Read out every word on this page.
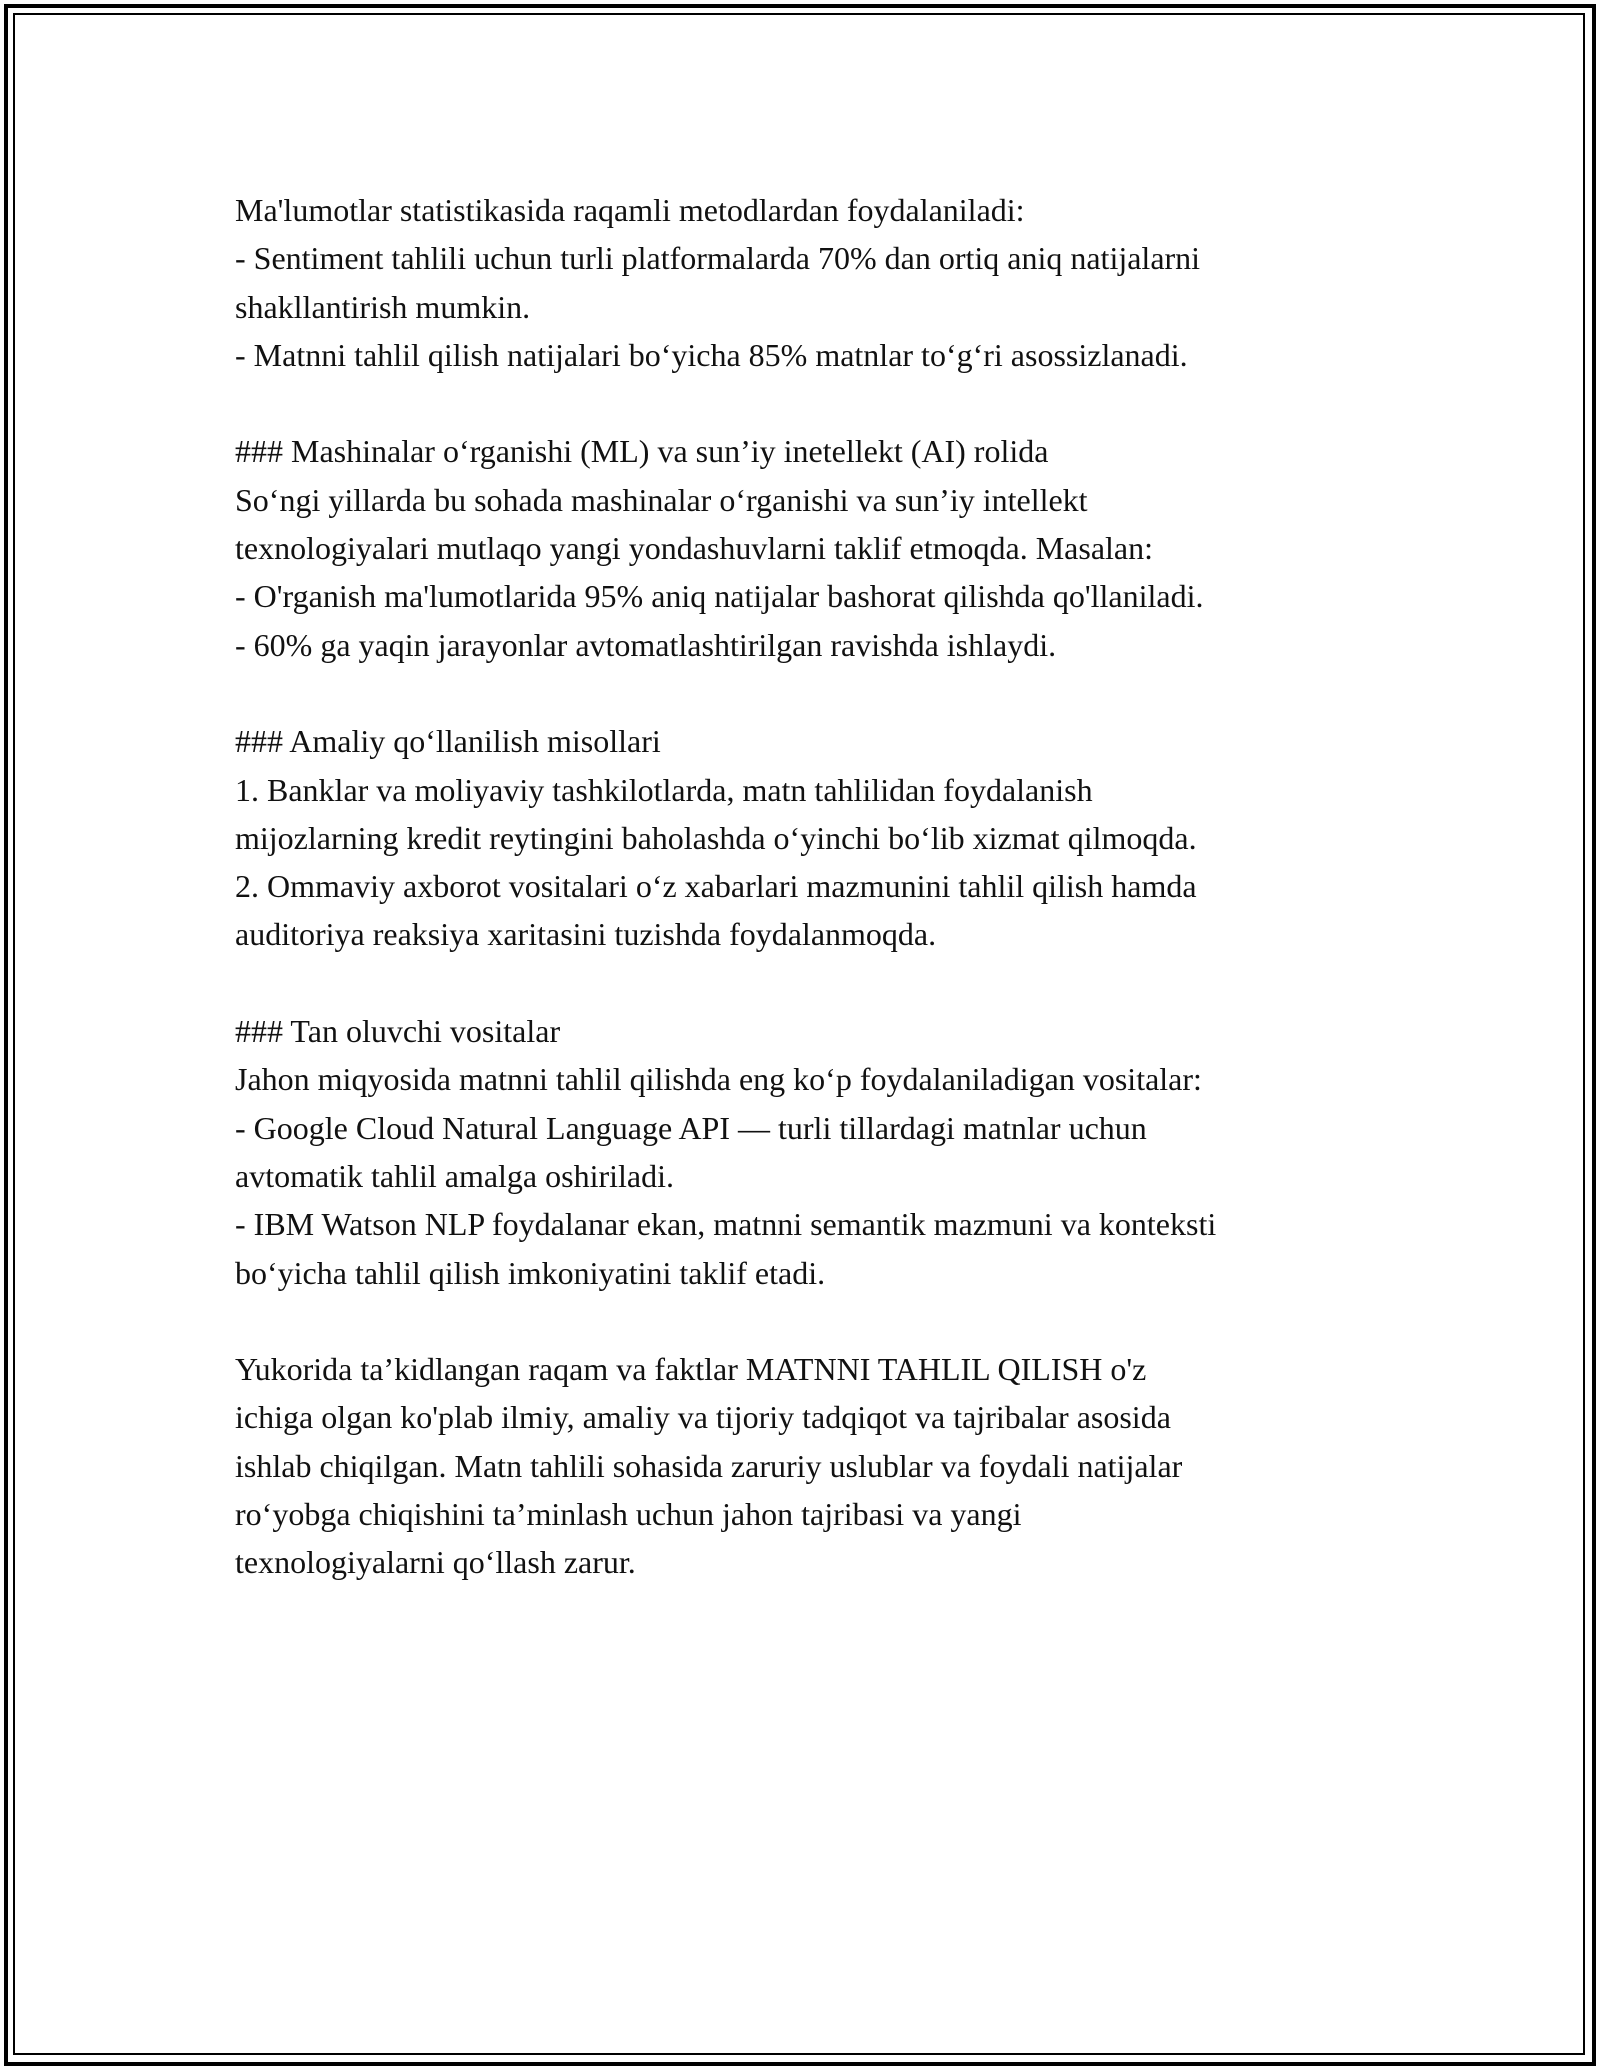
Ma'lumotlar statistikasida raqamli metodlardan foydalaniladi:
- Sentiment tahlili uchun turli platformalarda 70% dan ortiq aniq natijalarni
shakllantirish mumkin.
- Matnni tahlil qilish natijalari bo‘yicha 85% matnlar to‘g‘ri asossizlanadi.
### Mashinalar o‘rganishi (ML) va sun’iy inetellekt (AI) rolida
So‘ngi yillarda bu sohada mashinalar o‘rganishi va sun’iy intellekt
texnologiyalari mutlaqo yangi yondashuvlarni taklif etmoqda. Masalan:
- O'rganish ma'lumotlarida 95% aniq natijalar bashorat qilishda qo'llaniladi.
- 60% ga yaqin jarayonlar avtomatlashtirilgan ravishda ishlaydi.
### Amaliy qo‘llanilish misollari
1. Banklar va moliyaviy tashkilotlarda, matn tahlilidan foydalanish
mijozlarning kredit reytingini baholashda o‘yinchi bo‘lib xizmat qilmoqda.
2. Ommaviy axborot vositalari o‘z xabarlari mazmunini tahlil qilish hamda
auditoriya reaksiya xaritasini tuzishda foydalanmoqda.
### Tan oluvchi vositalar
Jahon miqyosida matnni tahlil qilishda eng ko‘p foydalaniladigan vositalar:
- Google Cloud Natural Language API — turli tillardagi matnlar uchun
avtomatik tahlil amalga oshiriladi.
- IBM Watson NLP foydalanar ekan, matnni semantik mazmuni va konteksti
bo‘yicha tahlil qilish imkoniyatini taklif etadi.
Yukorida ta’kidlangan raqam va faktlar MATNNI TAHLIL QILISH o'z
ichiga olgan ko'plab ilmiy, amaliy va tijoriy tadqiqot va tajribalar asosida
ishlab chiqilgan. Matn tahlili sohasida zaruriy uslublar va foydali natijalar
ro‘yobga chiqishini ta’minlash uchun jahon tajribasi va yangi
texnologiyalarni qo‘llash zarur.
